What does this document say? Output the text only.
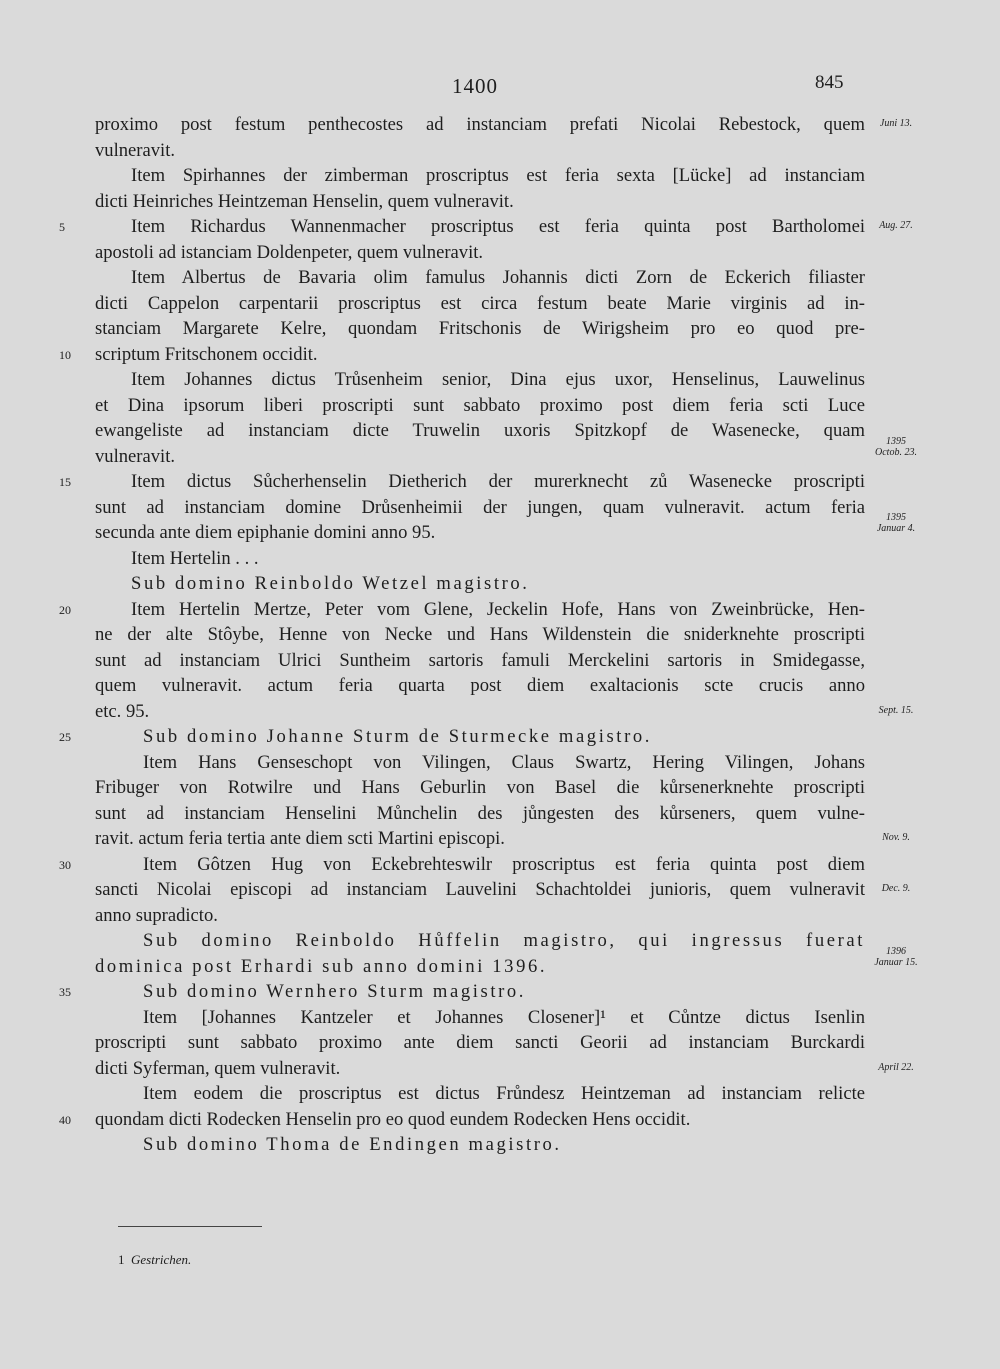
1400	845
proximo post festum penthecostes ad instanciam prefati Nicolai Rebestock, quem	Juni 13.
vulneravit.
Item Spirhannes der zimberman proscriptus est feria sexta [Lücke] ad instanciam
dicti Heinriches Heintzeman Henselin, quem vulneravit.
Item Richardus Wannenmacher proscriptus est feria quinta post Bartholomei
5	Aug. 27.
apostoli ad istanciam Doldenpeter, quem vulneravit.
Item Albertus de Bavaria olim famulus Johannis dicti Zorn de Eckerich filiaster
dicti Cappelon carpentarii proscriptus est circa festum beate Marie virginis ad in-
stanciam Margarete Kelre, quondam Fritschonis de Wirigsheim pro eo quod pre-
scriptum Fritschonem occidit.
10
Item Johannes dictus Trůsenheim senior, Dina ejus uxor, Henselinus, Lauwelinus
et Dina ipsorum liberi proscripti sunt sabbato proximo post diem feria scti Luce
ewangeliste ad instanciam dicte Truwelin uxoris Spitzkopf de Wasenecke, quam
vulneravit.
1395
Octob. 23.
Item dictus Sůcherhenselin Dietherich der murerknecht zů Wasenecke proscripti
15
sunt ad instanciam domine Drůsenheimii der jungen, quam vulneravit. actum feria
secunda ante diem epiphanie domini anno 95.
1395
Januar 4.
Item Hertelin . . .
Sub domino Reinboldo Wetzel magistro.
Item Hertelin Mertze, Peter vom Glene, Jeckelin Hofe, Hans von Zweinbrücke, Hen-
20
ne der alte Stôybe, Henne von Necke und Hans Wildenstein die sniderknehte proscripti
sunt ad instanciam Ulrici Suntheim sartoris famuli Merckelini sartoris in Smidegasse,
quem vulneravit. actum feria quarta post diem exaltacionis scte crucis anno
etc. 95.	Sept. 15.
Sub domino Johanne Sturm de Sturmecke magistro.
25
Item Hans Genseschopt von Vilingen, Claus Swartz, Hering Vilingen, Johans
Fribuger von Rotwilre und Hans Geburlin von Basel die kůrsenerknehte proscripti
sunt ad instanciam Henselini Můnchelin des jůngesten des kůrseners, quem vulne-
ravit. actum feria tertia ante diem scti Martini episcopi.	Nov. 9.
Item Gôtzen Hug von Eckebrehteswilr proscriptus est feria quinta post diem
30
sancti Nicolai episcopi ad instanciam Lauvelini Schachtoldei junioris, quem vulneravit	Dec. 9.
anno supradicto.
Sub domino Reinboldo Hůffelin magistro, qui ingressus fuerat
dominica post Erhardi sub anno domini 1396.
1396
Januar 15.
Sub domino Wernhero Sturm magistro.
35
Item [Johannes Kantzeler et Johannes Closener]¹ et Cůntze dictus Isenlin
proscripti sunt sabbato proximo ante diem sancti Georii ad instanciam Burckardi
dicti Syferman, quem vulneravit.	April 22.
Item eodem die proscriptus est dictus Frůndesz Heintzeman ad instanciam relicte
quondam dicti Rodecken Henselin pro eo quod eundem Rodecken Hens occidit.
40
Sub domino Thoma de Endingen magistro.
1 Gestrichen.
